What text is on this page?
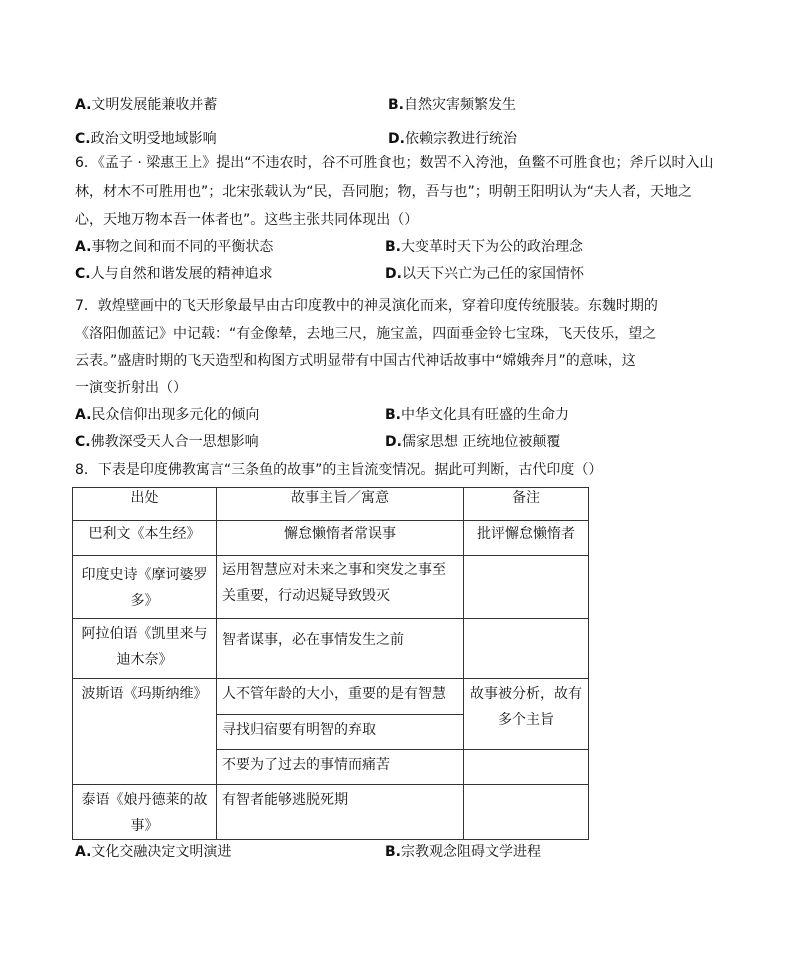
A.文明发展能兼收并蓄	B.自然灾害频繁发生
C.政治文明受地域影响	D.依赖宗教进行统治
6．《孟子 · 梁惠王上》提出“不违农时，谷不可胜食也；数罟不入洿池，鱼鳖不可胜食也；斧斤以时入山
林，材木不可胜用也”；北宋张载认为“民，吾同胞；物，吾与也”；明朝王阳明认为“夫人者，天地之
心，天地万物本吾一体者也”。这些主张共同体现出（）
A.事物之间和而不同的平衡状态	B.大变革时天下为公的政治理念
C.人与自然和谐发展的精神追求	D.以天下兴亡为己任的家国情怀
7．敦煌壁画中的飞天形象最早由古印度教中的神灵演化而来，穿着印度传统服装。东魏时期的
《洛阳伽蓝记》中记载：“有金像辇，去地三尺，施宝盖，四面垂金铃七宝珠，飞天伎乐，望之
云表。”盛唐时期的飞天造型和构图方式明显带有中国古代神话故事中“嫦娥奔月”的意味，这
一演变折射出（）
A.民众信仰出现多元化的倾向	B.中华文化具有旺盛的生命力
C.佛教深受天人合一思想影响	D.儒家思想 正统地位被颠覆
8．下表是印度佛教寓言“三条鱼的故事”的主旨流变情况。据此可判断，古代印度（）
出处	故事主旨／寓意	备注
巴利文《本生经》	懈怠懒惰者常误事	批评懈怠懒惰者
印度史诗《摩诃婆罗多》	运用智慧应对未来之事和突发之事至关重要，行动迟疑导致毁灭	
阿拉伯语《凯里来与迪木奈》	智者谋事，必在事情发生之前	
波斯语《玛斯纳维》	人不管年龄的大小，重要的是有智慧	故事被分析，故有多个主旨
	寻找归宿要有明智的弃取	
	不要为了过去的事情而痛苦	
泰语《娘丹德莱的故事》	有智者能够逃脱死期	
A.文化交融决定文明演进	B.宗教观念阻碍文学进程
